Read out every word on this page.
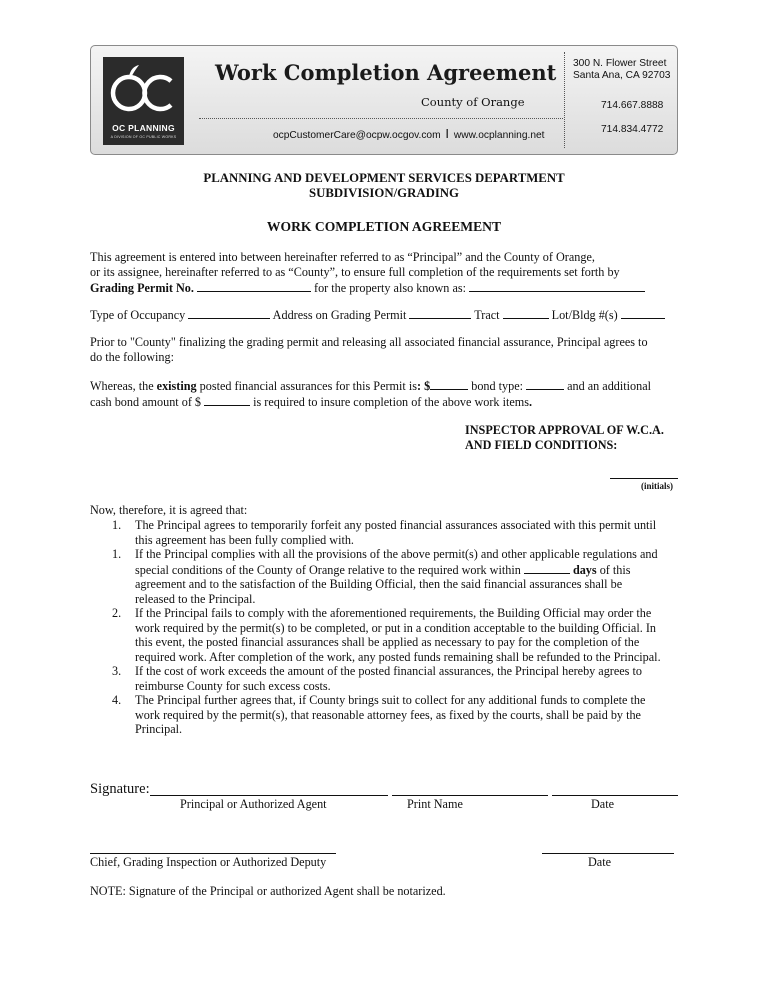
OC PLANNING
A DIVISION OF OC PUBLIC WORKS
Work Completion Agreement
County of Orange
ocpCustomerCare@ocpw.ocgov.com I www.ocplanning.net
300 N. Flower Street
Santa Ana, CA 92703
714.667.8888
714.834.4772
PLANNING AND DEVELOPMENT SERVICES DEPARTMENT
SUBDIVISION/GRADING
WORK COMPLETION AGREEMENT

This agreement is entered into between hereinafter referred to as “Principal” and the County of Orange,

or its assignee, hereinafter referred to as “County”, to ensure full completion of the requirements set forth by

Grading Permit No.	for the property also known as:

Type of Occupancy	Address on Grading Permit	Tract	Lot/Bldg #(s)

Prior to "County" finalizing the grading permit and releasing all associated financial assurance, Principal agrees to

do the following:

Whereas, the existing posted financial assurances for this Permit is: $	bond type:	and an additional

cash bond amount of $	is required to insure completion of the above work items.

INSPECTOR APPROVAL OF W.C.A.
AND FIELD CONDITIONS:
(initials)
Now, therefore, it is agreed that:
1. The Principal agrees to temporarily forfeit any posted financial assurances associated with this permit until
this agreement has been fully complied with.
1. If the Principal complies with all the provisions of the above permit(s) and other applicable regulations and
special conditions of the County of Orange relative to the required work within	days of this
agreement and to the satisfaction of the Building Official, then the said financial assurances shall be
released to the Principal.
2. If the Principal fails to comply with the aforementioned requirements, the Building Official may order the
work required by the permit(s) to be completed, or put in a condition acceptable to the building Official. In
this event, the posted financial assurances shall be applied as necessary to pay for the completion of the
required work. After completion of the work, any posted funds remaining shall be refunded to the Principal.
3. If the cost of work exceeds the amount of the posted financial assurances, the Principal hereby agrees to
reimburse County for such excess costs.
4. The Principal further agrees that, if County brings suit to collect for any additional funds to complete the
work required by the permit(s), that reasonable attorney fees, as fixed by the courts, shall be paid by the
Principal.
Signature:
Principal or Authorized Agent	Print Name	Date
Chief, Grading Inspection or Authorized Deputy	Date
NOTE: Signature of the Principal or authorized Agent shall be notarized.
